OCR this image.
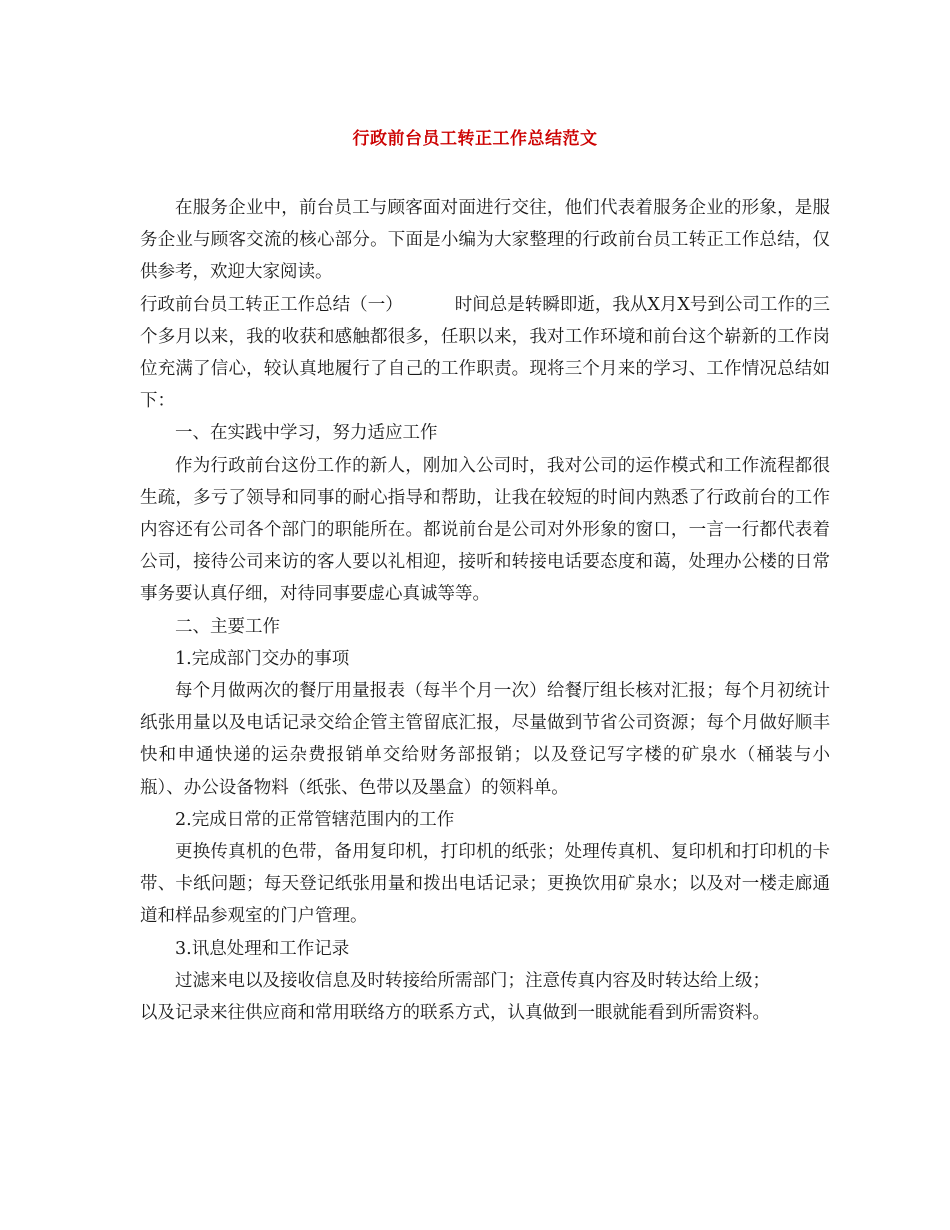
行政前台员工转正工作总结范文

在服务企业中，前台员工与顾客面对面进行交往，他们代表着服务企业的形象，是服务企业与顾客交流的核心部分。下面是小编为大家整理的行政前台员工转正工作总结，仅供参考，欢迎大家阅读。

行政前台员工转正工作总结（一）	时间总是转瞬即逝，我从X月X号到公司工作的三个多月以来，我的收获和感触都很多，任职以来，我对工作环境和前台这个崭新的工作岗位充满了信心，较认真地履行了自己的工作职责。现将三个月来的学习、工作情况总结如下：

一、在实践中学习，努力适应工作

作为行政前台这份工作的新人，刚加入公司时，我对公司的运作模式和工作流程都很生疏，多亏了领导和同事的耐心指导和帮助，让我在较短的时间内熟悉了行政前台的工作内容还有公司各个部门的职能所在。都说前台是公司对外形象的窗口，一言一行都代表着公司，接待公司来访的客人要以礼相迎，接听和转接电话要态度和蔼，处理办公楼的日常事务要认真仔细，对待同事要虚心真诚等等。

二、主要工作

1.完成部门交办的事项

每个月做两次的餐厅用量报表（每半个月一次）给餐厅组长核对汇报；每个月初统计纸张用量以及电话记录交给企管主管留底汇报，尽量做到节省公司资源；每个月做好顺丰快和申通快递的运杂费报销单交给财务部报销；以及登记写字楼的矿泉水（桶装与小瓶）、办公设备物料（纸张、色带以及墨盒）的领料单。

2.完成日常的正常管辖范围内的工作

更换传真机的色带，备用复印机，打印机的纸张；处理传真机、复印机和打印机的卡带、卡纸问题；每天登记纸张用量和拨出电话记录；更换饮用矿泉水；以及对一楼走廊通道和样品参观室的门户管理。

3.讯息处理和工作记录

过滤来电以及接收信息及时转接给所需部门；注意传真内容及时转达给上级；

以及记录来往供应商和常用联络方的联系方式，认真做到一眼就能看到所需资料。
